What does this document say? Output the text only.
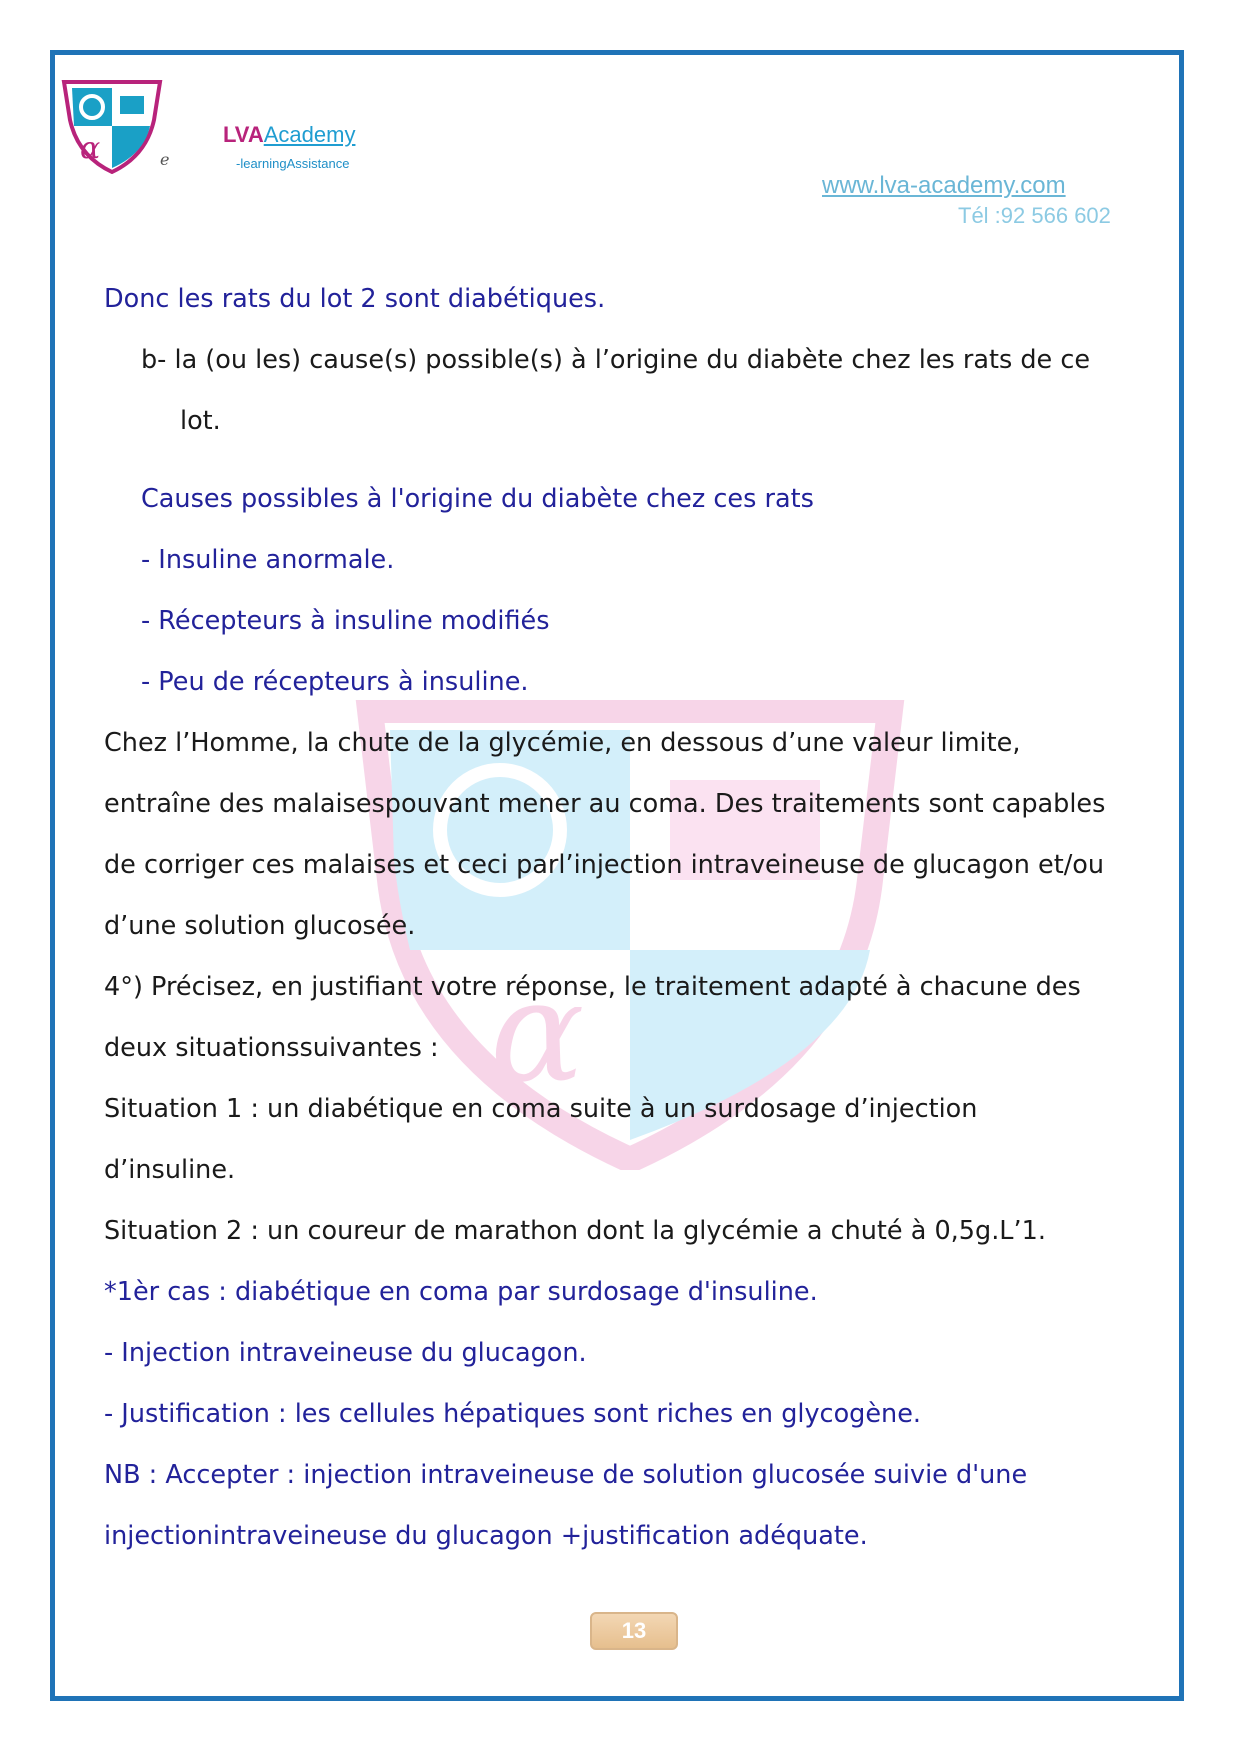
α
α	e
LVAAcademy
-learningAssistance
www.lva-academy.com
Tél :92 566 602
Donc les rats du lot 2 sont diabétiques.
b- la (ou les) cause(s) possible(s) à l’origine du diabète chez les rats de ce
lot.
Causes possibles à l'origine du diabète chez ces rats
- Insuline anormale.
- Récepteurs à insuline modifiés
- Peu de récepteurs à insuline.
Chez l’Homme, la chute de la glycémie, en dessous d’une valeur limite,
entraîne des malaisespouvant mener au coma. Des traitements sont capables
de corriger ces malaises et ceci parl’injection intraveineuse de glucagon et/ou
d’une solution glucosée.
4°) Précisez, en justifiant votre réponse, le traitement adapté à chacune des
deux situationssuivantes :
Situation 1 : un diabétique en coma suite à un surdosage d’injection
d’insuline.
Situation 2 : un coureur de marathon dont la glycémie a chuté à 0,5g.L’1.
*1èr cas : diabétique en coma par surdosage d'insuline.
- Injection intraveineuse du glucagon.
- Justification : les cellules hépatiques sont riches en glycogène.
NB : Accepter : injection intraveineuse de solution glucosée suivie d'une
injectionintraveineuse du glucagon +justification adéquate.
13
